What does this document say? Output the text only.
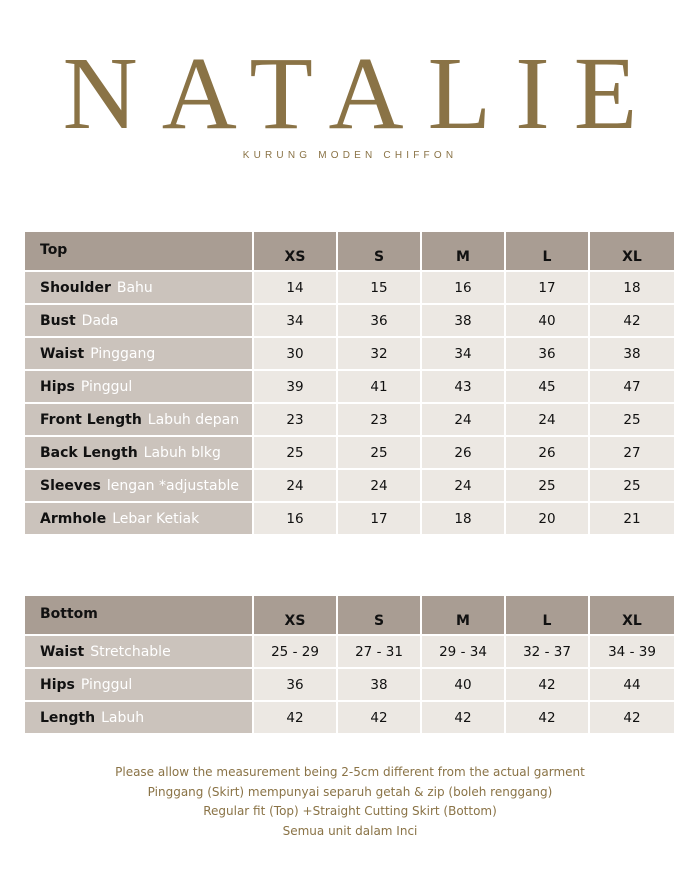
NATALIE
KURUNG MODEN CHIFFON
Top	XS	S	M	L	XL
Shoulder Bahu	14	15	16	17	18
Bust Dada	34	36	38	40	42
Waist Pinggang	30	32	34	36	38
Hips Pinggul	39	41	43	45	47
Front Length Labuh depan	23	23	24	24	25
Back Length Labuh blkg	25	25	26	26	27
Sleeves lengan *adjustable	24	24	24	25	25
Armhole Lebar Ketiak	16	17	18	20	21
Bottom	XS	S	M	L	XL
Waist Stretchable	25 - 29	27 - 31	29 - 34	32 - 37	34 - 39
Hips Pinggul	36	38	40	42	44
Length Labuh	42	42	42	42	42
Please allow the measurement being 2-5cm different from the actual garment
Pinggang (Skirt) mempunyai separuh getah & zip (boleh renggang)
Regular fit (Top) +Straight Cutting Skirt (Bottom)
Semua unit dalam Inci
